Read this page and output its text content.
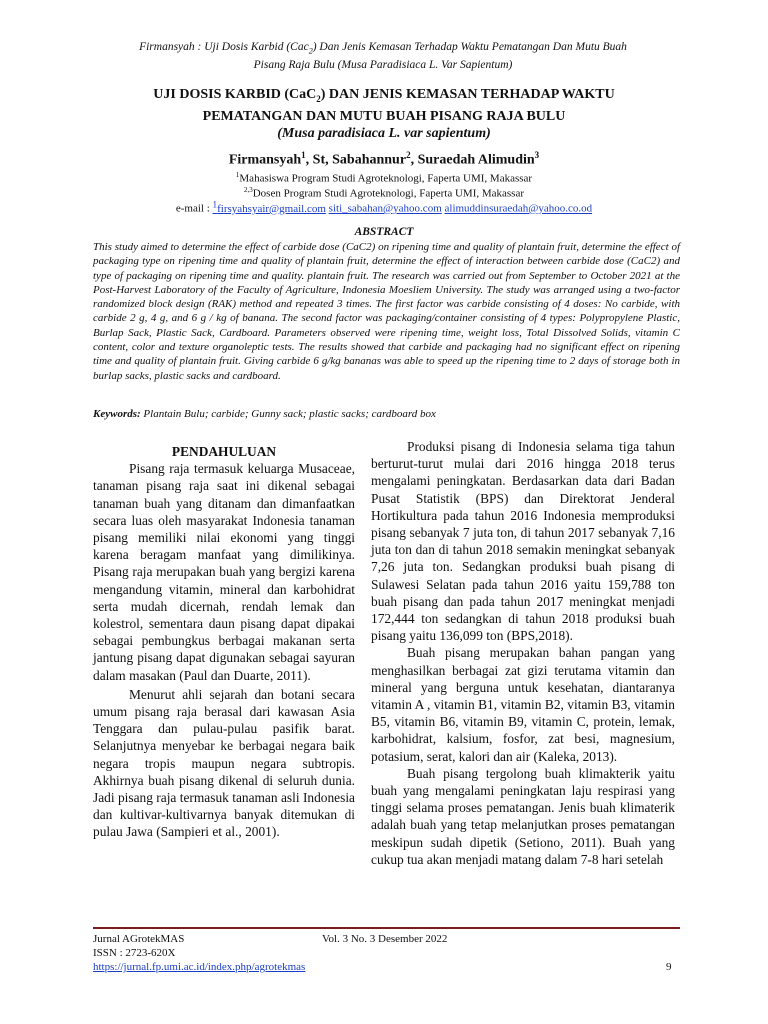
Firmansyah : Uji Dosis Karbid (Cac$_2$) Dan Jenis Kemasan Terhadap Waktu Pematangan Dan Mutu Buah
Pisang Raja Bulu (Musa Paradisiaca L. Var Sapientum)
UJI DOSIS KARBID (CaC$_2$) DAN JENIS KEMASAN TERHADAP WAKTU
PEMATANGAN DAN MUTU BUAH PISANG RAJA BULU
(Musa paradisiaca L. var sapientum)
Firmansyah$^1$, St, Sabahannur$^2$, Suraedah Alimudin$^3$
$^1$Mahasiswa Program Studi Agroteknologi, Faperta UMI, Makassar
$^{2,3}$Dosen Program Studi Agroteknologi, Faperta UMI, Makassar
e-mail : $^1$firsyahsyair@gmail.com siti_sabahan@yahoo.com alimuddinsuraedah@yahoo.co.od
ABSTRACT

This study aimed to determine the effect of carbide dose (CaC2) on ripening time and quality of plantain fruit, determine the effect of packaging type on ripening time and quality of plantain fruit, determine the effect of interaction between carbide dose (CaC2) and type of packaging on ripening time and quality. plantain fruit. The research was carried out from September to October 2021 at the Post-Harvest Laboratory of the Faculty of Agriculture, Indonesia Moesliem University. The study was arranged using a two-factor randomized block design (RAK) method and repeated 3 times. The first factor was carbide consisting of 4 doses: No carbide, with carbide 2 g, 4 g, and 6 g / kg of banana. The second factor was packaging/container consisting of 4 types: Polypropylene Plastic, Burlap Sack, Plastic Sack, Cardboard. Parameters observed were ripening time, weight loss, Total Dissolved Solids, vitamin C content, color and texture organoleptic tests. The results showed that carbide and packaging had no significant effect on ripening time and quality of plantain fruit. Giving carbide 6 g/kg bananas was able to speed up the ripening time to 2 days of storage both in burlap sacks, plastic sacks and cardboard.

Keywords: Plantain Bulu; carbide; Gunny sack; plastic sacks; cardboard box

PENDAHULUAN

Pisang raja termasuk keluarga Musaceae, tanaman pisang raja saat ini dikenal sebagai tanaman buah yang ditanam dan dimanfaatkan secara luas oleh masyarakat Indonesia tanaman pisang memiliki nilai ekonomi yang tinggi karena beragam manfaat yang dimilikinya. Pisang raja merupakan buah yang bergizi karena mengandung vitamin, mineral dan karbohidrat serta mudah dicernah, rendah lemak dan kolestrol, sementara daun pisang dapat dipakai sebagai pembungkus berbagai makanan serta jantung pisang dapat digunakan sebagai sayuran dalam masakan (Paul dan Duarte, 2011).

Menurut ahli sejarah dan botani secara umum pisang raja berasal dari kawasan Asia Tenggara dan pulau-pulau pasifik barat. Selanjutnya menyebar ke berbagai negara baik negara tropis maupun negara subtropis. Akhirnya buah pisang dikenal di seluruh dunia. Jadi pisang raja termasuk tanaman asli Indonesia dan kultivar-kultivarnya banyak ditemukan di pulau Jawa (Sampieri et al., 2001).

Produksi pisang di Indonesia selama tiga tahun berturut-turut mulai dari 2016 hingga 2018 terus mengalami peningkatan. Berdasarkan data dari Badan Pusat Statistik (BPS) dan Direktorat Jenderal Hortikultura pada tahun 2016 Indonesia memproduksi pisang sebanyak 7 juta ton, di tahun 2017 sebanyak 7,16 juta ton dan di tahun 2018 semakin meningkat sebanyak 7,26 juta ton. Sedangkan produksi buah pisang di Sulawesi Selatan pada tahun 2016 yaitu 159,788 ton buah pisang dan pada tahun 2017 meningkat menjadi 172,444 ton sedangkan di tahun 2018 produksi buah pisang yaitu 136,099 ton (BPS,2018).

Buah pisang merupakan bahan pangan yang menghasilkan berbagai zat gizi terutama vitamin dan mineral yang berguna untuk kesehatan, diantaranya vitamin A , vitamin B1, vitamin B2, vitamin B3, vitamin B5, vitamin B6, vitamin B9, vitamin C, protein, lemak, karbohidrat, kalsium, fosfor, zat besi, magnesium, potasium, serat, kalori dan air (Kaleka, 2013).

Buah pisang tergolong buah klimakterik yaitu buah yang mengalami peningkatan laju respirasi yang tinggi selama proses pematangan. Jenis buah klimaterik adalah buah yang tetap melanjutkan proses pematangan meskipun sudah dipetik (Setiono, 2011). Buah yang cukup tua akan menjadi matang dalam 7-8 hari setelah

Jurnal AGrotekMAS	Vol. 3 No. 3 Desember 2022
ISSN : 2723-620X
https://jurnal.fp.umi.ac.id/index.php/agrotekmas	9
